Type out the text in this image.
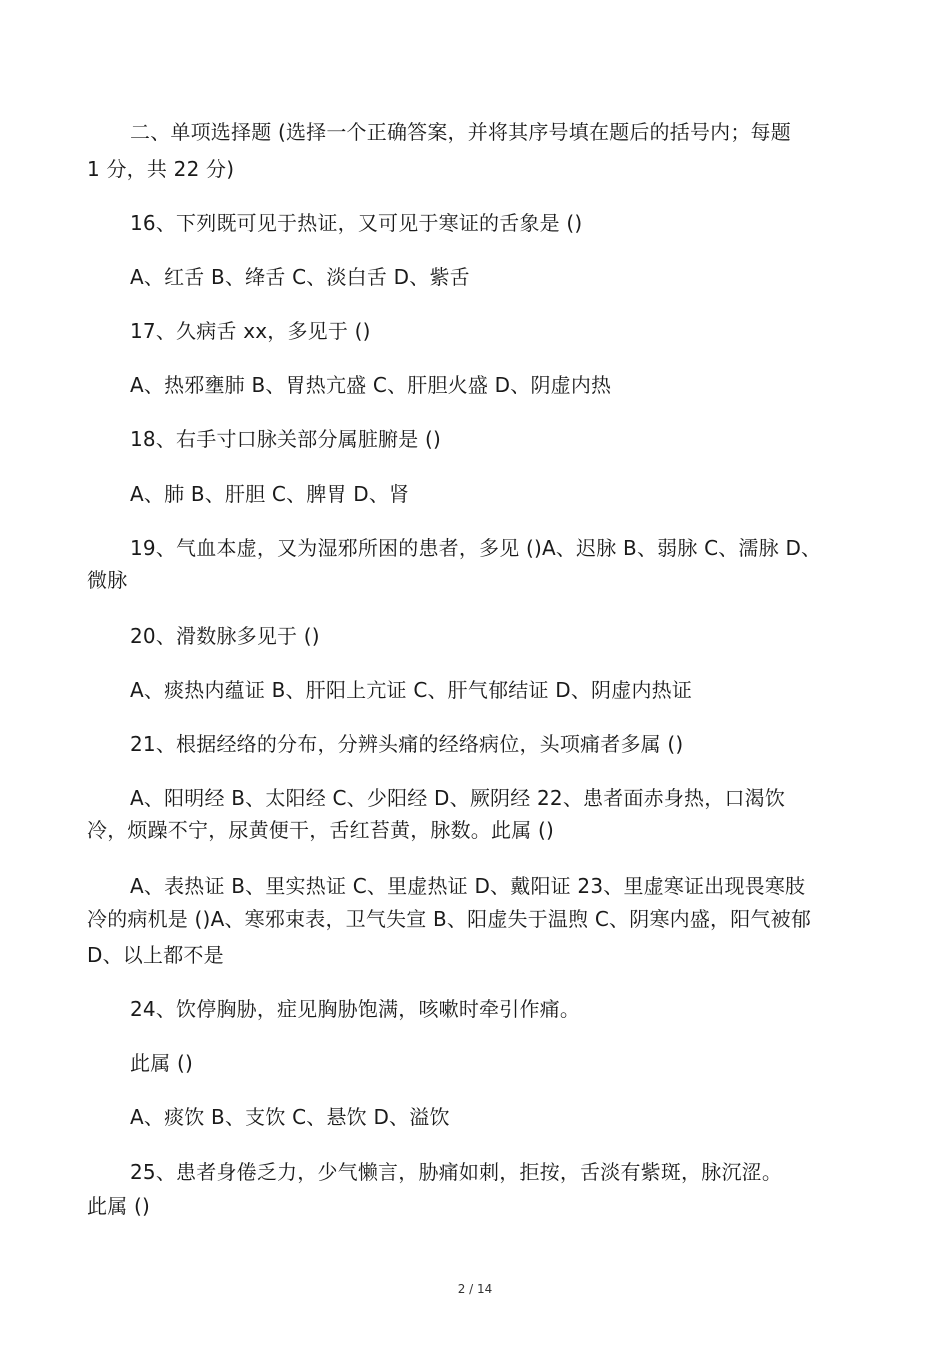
二、单项选择题 (选择一个正确答案，并将其序号填在题后的括号内；每题
1 分，共 22 分)
16、下列既可见于热证，又可见于寒证的舌象是 ()
A、红舌 B、绛舌 C、淡白舌 D、紫舌
17、久病舌 xx，多见于 ()
A、热邪壅肺 B、胃热亢盛 C、肝胆火盛 D、阴虚内热
18、右手寸口脉关部分属脏腑是 ()
A、肺 B、肝胆 C、脾胃 D、肾
19、气血本虚，又为湿邪所困的患者，多见 ()A、迟脉 B、弱脉 C、濡脉 D、
微脉
20、滑数脉多见于 ()
A、痰热内蕴证 B、肝阳上亢证 C、肝气郁结证 D、阴虚内热证
21、根据经络的分布，分辨头痛的经络病位，头项痛者多属 ()
A、阳明经 B、太阳经 C、少阳经 D、厥阴经 22、患者面赤身热，口渴饮
冷，烦躁不宁，尿黄便干，舌红苔黄，脉数。此属 ()
A、表热证 B、里实热证 C、里虚热证 D、戴阳证 23、里虚寒证出现畏寒肢
冷的病机是 ()A、寒邪束表，卫气失宣 B、阳虚失于温煦 C、阴寒内盛，阳气被郁
D、以上都不是
24、饮停胸胁，症见胸胁饱满，咳嗽时牵引作痛。
此属 ()
A、痰饮 B、支饮 C、悬饮 D、溢饮
25、患者身倦乏力，少气懒言，胁痛如刺，拒按，舌淡有紫斑，脉沉涩。
此属 ()
2 / 14
